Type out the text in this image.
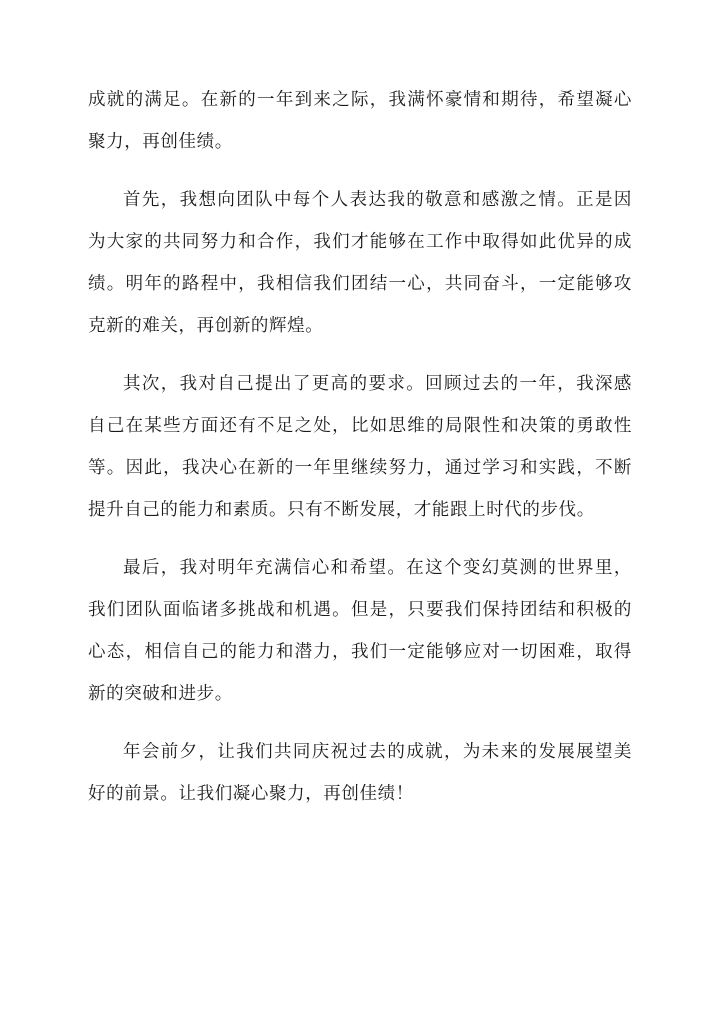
成就的满足。在新的一年到来之际，我满怀豪情和期待，希望凝心
聚力，再创佳绩。
首先，我想向团队中每个人表达我的敬意和感激之情。正是因
为大家的共同努力和合作，我们才能够在工作中取得如此优异的成
绩。明年的路程中，我相信我们团结一心，共同奋斗，一定能够攻
克新的难关，再创新的辉煌。
其次，我对自己提出了更高的要求。回顾过去的一年，我深感
自己在某些方面还有不足之处，比如思维的局限性和决策的勇敢性
等。因此，我决心在新的一年里继续努力，通过学习和实践，不断
提升自己的能力和素质。只有不断发展，才能跟上时代的步伐。
最后，我对明年充满信心和希望。在这个变幻莫测的世界里，
我们团队面临诸多挑战和机遇。但是，只要我们保持团结和积极的
心态，相信自己的能力和潜力，我们一定能够应对一切困难，取得
新的突破和进步。
年会前夕，让我们共同庆祝过去的成就，为未来的发展展望美
好的前景。让我们凝心聚力，再创佳绩！
